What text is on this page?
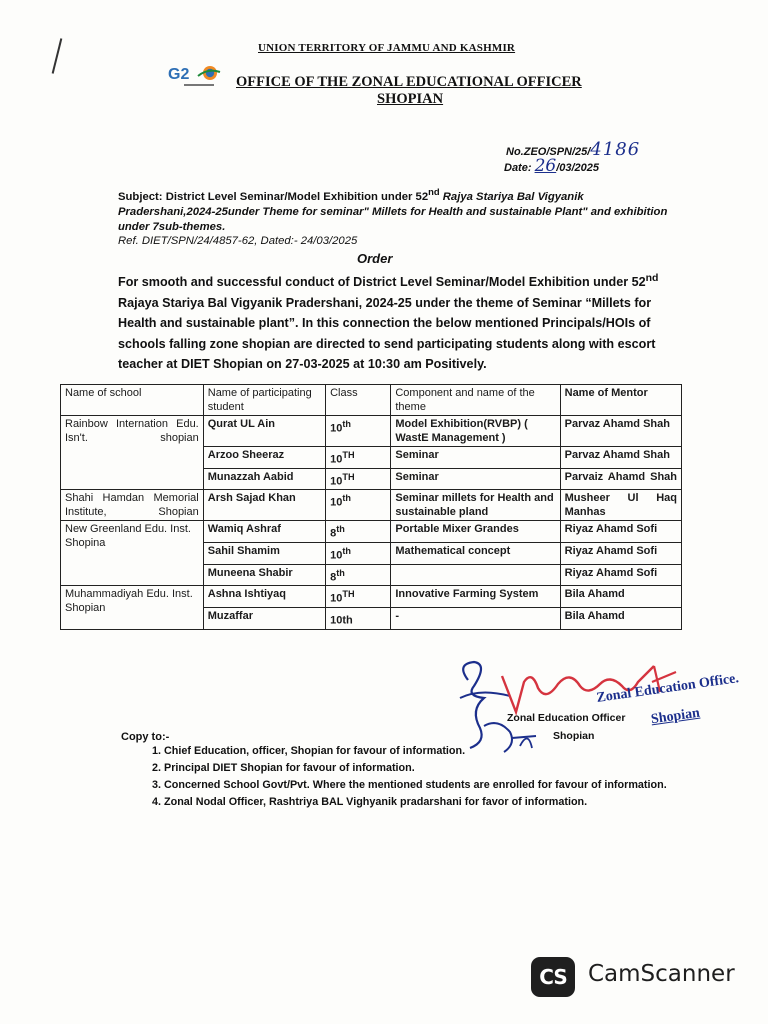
UNION TERRITORY OF JAMMU AND KASHMIR
G2	OFFICE OF THE ZONAL EDUCATIONAL OFFICER
SHOPIAN
No.ZEO/SPN/25/4186
Date: 26/03/2025
Subject: District Level Seminar/Model Exhibition under 52nd Rajya Stariya Bal Vigyanik Pradershani,2024-25under Theme for seminar" Millets for Health and sustainable Plant" and exhibition under 7sub-themes.
Ref. DIET/SPN/24/4857-62, Dated:- 24/03/2025
Order
For smooth and successful conduct of District Level Seminar/Model Exhibition under 52nd Rajaya Stariya Bal Vigyanik Pradershani, 2024-25 under the theme of Seminar “Millets for Health and sustainable plant”. In this connection the below mentioned Principals/HOIs of schools falling zone shopian are directed to send participating students along with escort teacher at DIET Shopian on 27-03-2025 at 10:30 am Positively.
Name of school	Name of participating student	Class	Component and name of the theme	Name of Mentor
Rainbow Internation Edu. Isn't. shopian	Qurat UL Ain	10th	Model Exhibition(RVBP) ( WastE Management )	Parvaz Ahamd Shah
	Arzoo Sheeraz	10TH	Seminar	Parvaz Ahamd Shah
	Munazzah Aabid	10TH	Seminar	Parvaiz Ahamd Shah
Shahi Hamdan Memorial Institute, Shopian	Arsh Sajad Khan	10th	Seminar millets for Health and sustainable pland	Musheer Ul Haq Manhas
New Greenland Edu. Inst. Shopina	Wamiq Ashraf	8th	Portable Mixer Grandes	Riyaz Ahamd Sofi
	Sahil Shamim	10th	Mathematical concept	Riyaz Ahamd Sofi
	Muneena Shabir	8th		Riyaz Ahamd Sofi
Muhammadiyah Edu. Inst. Shopian	Ashna Ishtiyaq	10TH	Innovative Farming System	Bila Ahamd
	Muzaffar	10th	-	Bila Ahamd
Zonal Education Officer
Shopian
Zonal Education Office.
Shopian
Copy to:-
1. Chief Education, officer, Shopian for favour of information.
2. Principal DIET Shopian for favour of information.
3. Concerned School Govt/Pvt. Where the mentioned students are enrolled for favour of information.
4. Zonal Nodal Officer, Rashtriya BAL Vighyanik pradarshani for favor of information.
CS CamScanner
